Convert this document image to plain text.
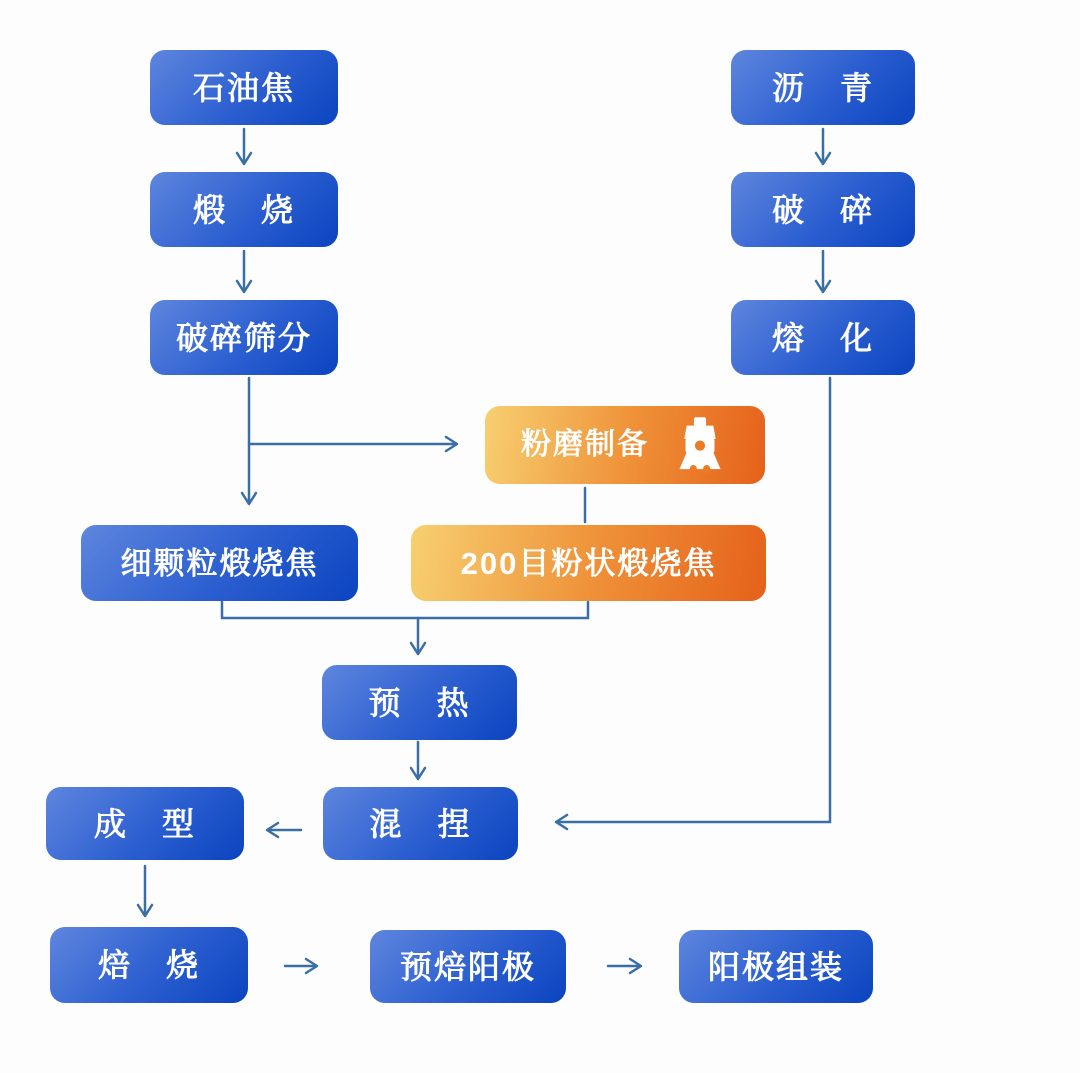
石油焦	沥　青
煅　烧	破　碎
破碎筛分	熔　化
粉磨制备
细颗粒煅烧焦	200目粉状煅烧焦
预　热
成　型	混　捏
焙　烧	预焙阳极	阳极组装
